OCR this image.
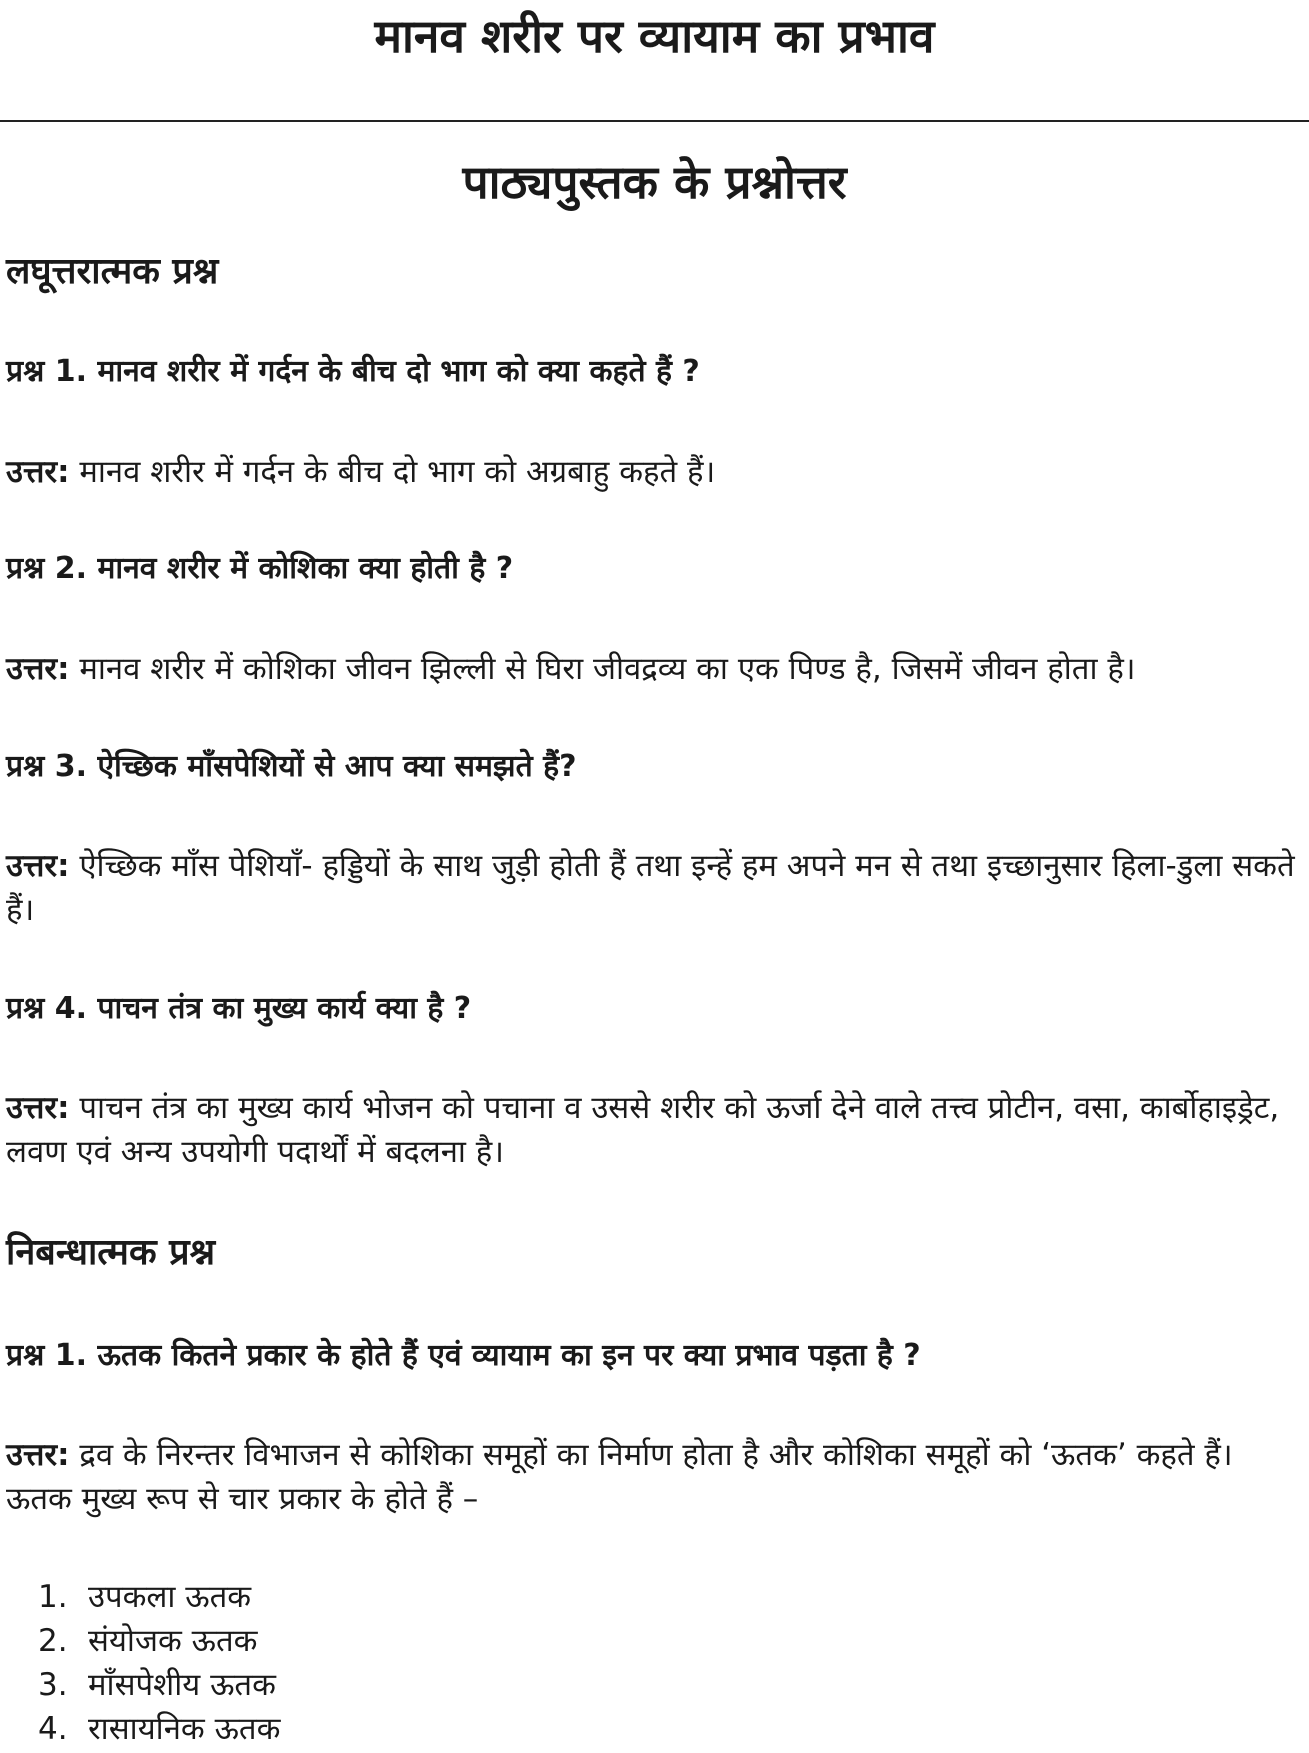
मानव शरीर पर व्यायाम का प्रभाव
पाठ्यपुस्तक के प्रश्नोत्तर
लघूत्तरात्मक प्रश्न

प्रश्न 1. मानव शरीर में गर्दन के बीच दो भाग को क्या कहते हैं ?

उत्तर: मानव शरीर में गर्दन के बीच दो भाग को अग्रबाहु कहते हैं।

प्रश्न 2. मानव शरीर में कोशिका क्या होती है ?

उत्तर: मानव शरीर में कोशिका जीवन झिल्ली से घिरा जीवद्रव्य का एक पिण्ड है, जिसमें जीवन होता है।

प्रश्न 3. ऐच्छिक माँसपेशियों से आप क्या समझते हैं?

उत्तर: ऐच्छिक माँस पेशियाँ- हड्डियों के साथ जुड़ी होती हैं तथा इन्हें हम अपने मन से तथा इच्छानुसार हिला-डुला सकते हैं।

प्रश्न 4. पाचन तंत्र का मुख्य कार्य क्या है ?

उत्तर: पाचन तंत्र का मुख्य कार्य भोजन को पचाना व उससे शरीर को ऊर्जा देने वाले तत्त्व प्रोटीन, वसा, कार्बोहाइड्रेट, लवण एवं अन्य उपयोगी पदार्थों में बदलना है।

निबन्धात्मक प्रश्न

प्रश्न 1. ऊतक कितने प्रकार के होते हैं एवं व्यायाम का इन पर क्या प्रभाव पड़ता है ?

उत्तर: द्रव के निरन्तर विभाजन से कोशिका समूहों का निर्माण होता है और कोशिका समूहों को ‘ऊतक’ कहते हैं। ऊतक मुख्य रूप से चार प्रकार के होते हैं –

1. उपकला ऊतक
2. संयोजक ऊतक
3. माँसपेशीय ऊतक
4. रासायनिक ऊतक
